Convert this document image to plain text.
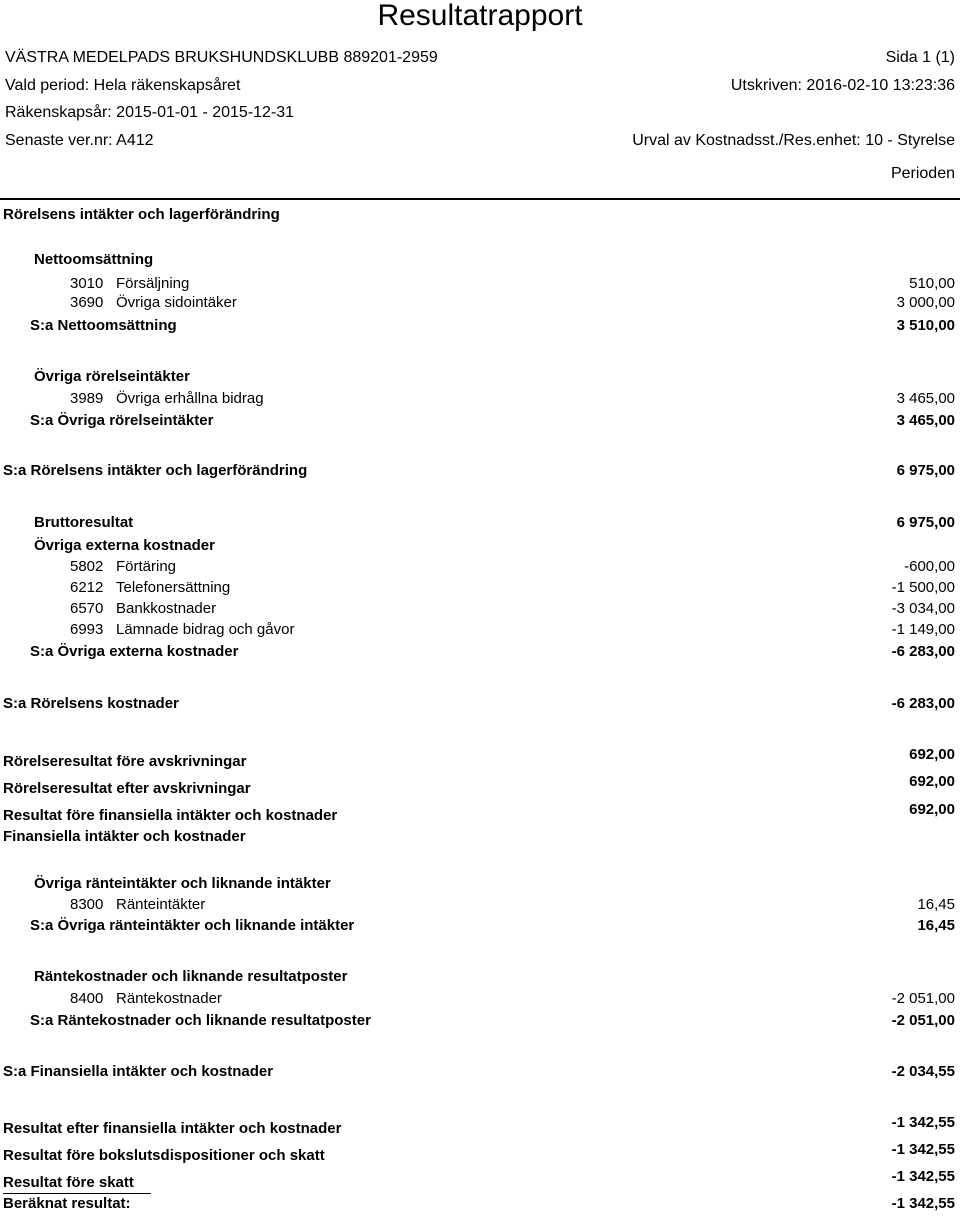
Resultatrapport
VÄSTRA MEDELPADS BRUKSHUNDSKLUBB 889201-2959	Sida 1 (1)
Vald period: Hela räkenskapsåret	Utskriven: 2016-02-10 13:23:36
Räkenskapsår: 2015-01-01 - 2015-12-31
Senaste ver.nr: A412	Urval av Kostnadsst./Res.enhet: 10 - Styrelse
Perioden
Rörelsens intäkter och lagerförändring
Nettoomsättning
3010 Försäljning	510,00
3690 Övriga sidointäker	3 000,00
S:a Nettoomsättning	3 510,00
Övriga rörelseintäkter
3989 Övriga erhållna bidrag	3 465,00
S:a Övriga rörelseintäkter	3 465,00
S:a Rörelsens intäkter och lagerförändring	6 975,00
Bruttoresultat	6 975,00
Övriga externa kostnader
5802 Förtäring	-600,00
6212 Telefonersättning	-1 500,00
6570 Bankkostnader	-3 034,00
6993 Lämnade bidrag och gåvor	-1 149,00
S:a Övriga externa kostnader	-6 283,00
S:a Rörelsens kostnader	-6 283,00
Rörelseresultat före avskrivningar	692,00
Rörelseresultat efter avskrivningar	692,00
Resultat före finansiella intäkter och kostnader	692,00
Finansiella intäkter och kostnader
Övriga ränteintäkter och liknande intäkter
8300 Ränteintäkter	16,45
S:a Övriga ränteintäkter och liknande intäkter	16,45
Räntekostnader och liknande resultatposter
8400 Räntekostnader	-2 051,00
S:a Räntekostnader och liknande resultatposter	-2 051,00
S:a Finansiella intäkter och kostnader	-2 034,55
Resultat efter finansiella intäkter och kostnader	-1 342,55
Resultat före bokslutsdispositioner och skatt	-1 342,55
Resultat före skatt	-1 342,55
Beräknat resultat:	-1 342,55
